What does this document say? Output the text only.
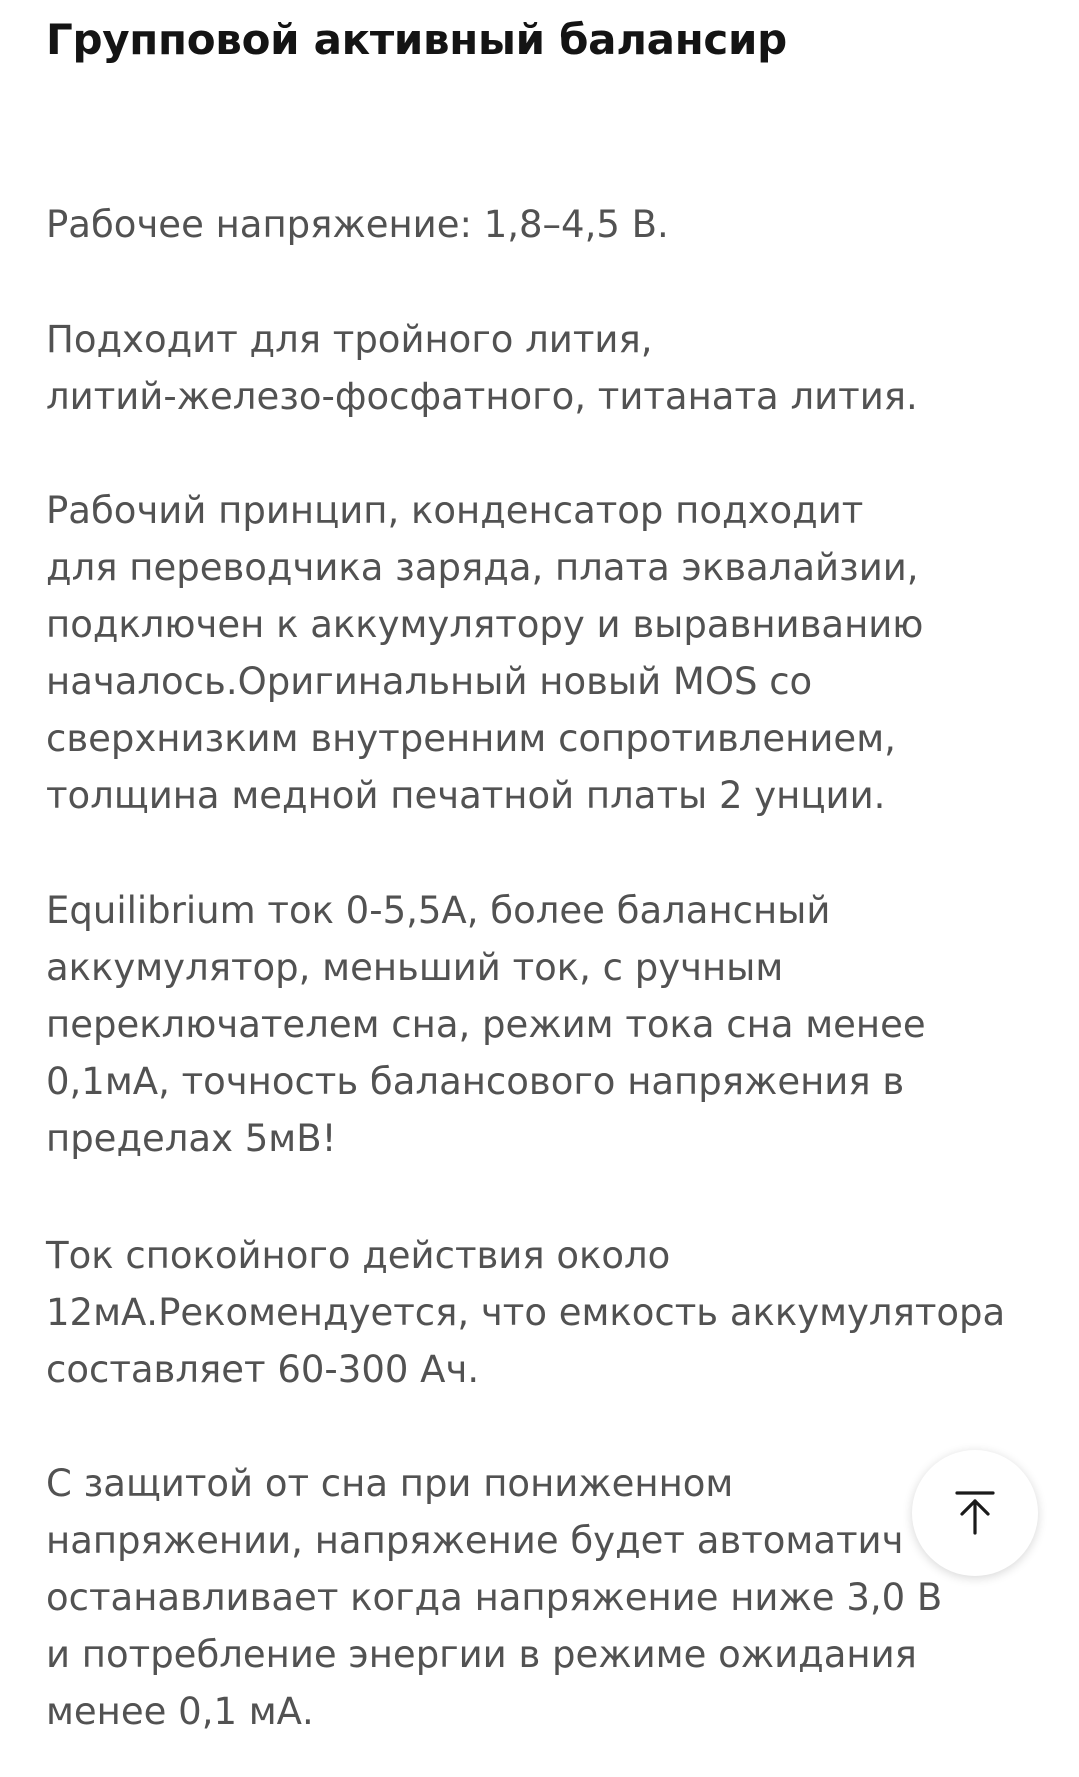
Групповой активный балансир

Рабочее напряжение: 1,8–4,5 В.

Подходит для тройного лития,
литий-железо-фосфатного, титаната лития.

Рабочий принцип, конденсатор подходит
для переводчика заряда, плата эквалайзии,
подключен к аккумулятору и выравниванию
началось.Оригинальный новый MOS со
сверхнизким внутренним сопротивлением,
толщина медной печатной платы 2 унции.

Equilibrium ток 0-5,5A, более балансный
аккумулятор, меньший ток, с ручным
переключателем сна, режим тока сна менее
0,1мА, точность балансового напряжения в
пределах 5мВ!

Ток спокойного действия около
12мА.Рекомендуется, что емкость аккумулятора
составляет 60-300 Ач.

С защитой от сна при пониженном
напряжении, напряжение будет автоматич
останавливает когда напряжение ниже 3,0 В
и потребление энергии в режиме ожидания
менее 0,1 мА.
